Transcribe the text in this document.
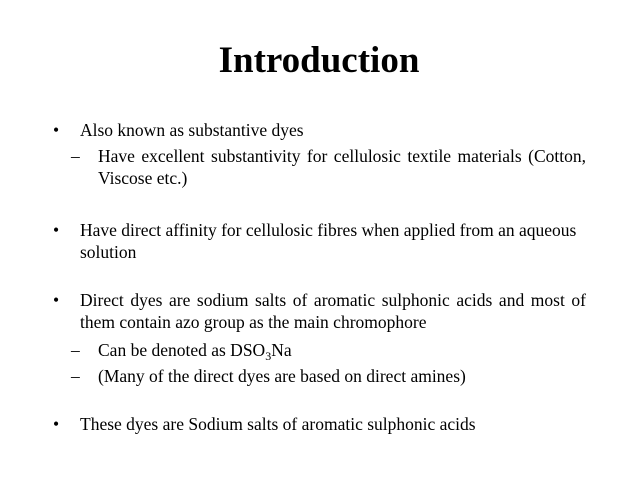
Introduction
• Also known as substantive dyes
– Have excellent substantivity for cellulosic textile materials (Cotton, Viscose etc.)
• Have direct affinity for cellulosic fibres when applied from an aqueous solution
• Direct dyes are sodium salts of aromatic sulphonic acids and most of them contain azo group as the main chromophore
– Can be denoted as $DSO_3Na$
– (Many of the direct dyes are based on direct amines)
• These dyes are Sodium salts of aromatic sulphonic acids
